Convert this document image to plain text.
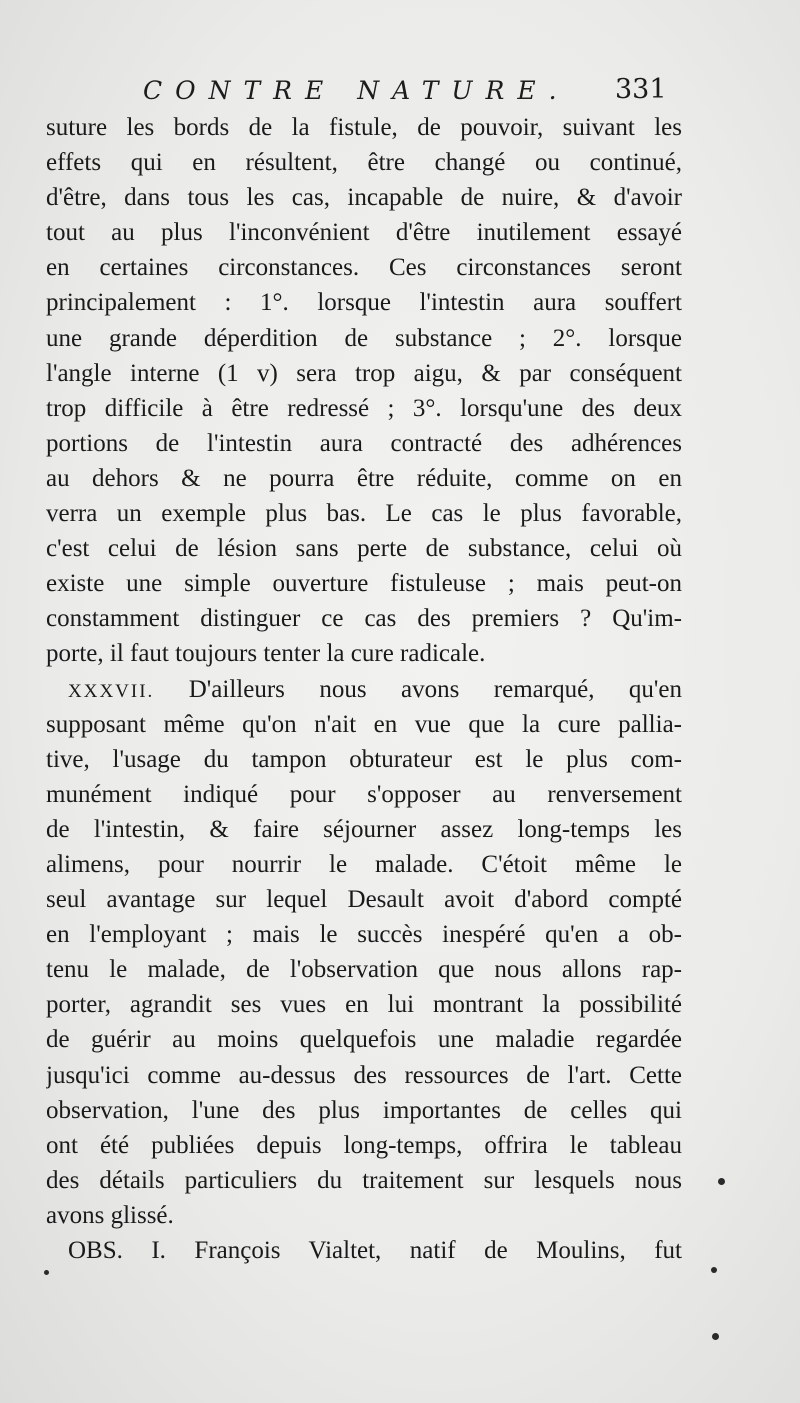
CONTRE NATURE. 331
suture les bords de la fistule, de pouvoir, suivant les
effets qui en résultent, être changé ou continué,
d'être, dans tous les cas, incapable de nuire, & d'avoir
tout au plus l'inconvénient d'être inutilement essayé
en certaines circonstances. Ces circonstances seront
principalement : 1°. lorsque l'intestin aura souffert
une grande déperdition de substance ; 2°. lorsque
l'angle interne (1 v) sera trop aigu, & par conséquent
trop difficile à être redressé ; 3°. lorsqu'une des deux
portions de l'intestin aura contracté des adhérences
au dehors & ne pourra être réduite, comme on en
verra un exemple plus bas. Le cas le plus favorable,
c'est celui de lésion sans perte de substance, celui où
existe une simple ouverture fistuleuse ; mais peut-on
constamment distinguer ce cas des premiers ? Qu'im-
porte, il faut toujours tenter la cure radicale.
XXXVII. D'ailleurs nous avons remarqué, qu'en
supposant même qu'on n'ait en vue que la cure pallia-
tive, l'usage du tampon obturateur est le plus com-
munément indiqué pour s'opposer au renversement
de l'intestin, & faire séjourner assez long-temps les
alimens, pour nourrir le malade. C'étoit même le
seul avantage sur lequel Desault avoit d'abord compté
en l'employant ; mais le succès inespéré qu'en a ob-
tenu le malade, de l'observation que nous allons rap-
porter, agrandit ses vues en lui montrant la possibilité
de guérir au moins quelquefois une maladie regardée
jusqu'ici comme au-dessus des ressources de l'art. Cette
observation, l'une des plus importantes de celles qui
ont été publiées depuis long-temps, offrira le tableau
des détails particuliers du traitement sur lesquels nous
avons glissé.
OBS. I. François Vialtet, natif de Moulins, fut
